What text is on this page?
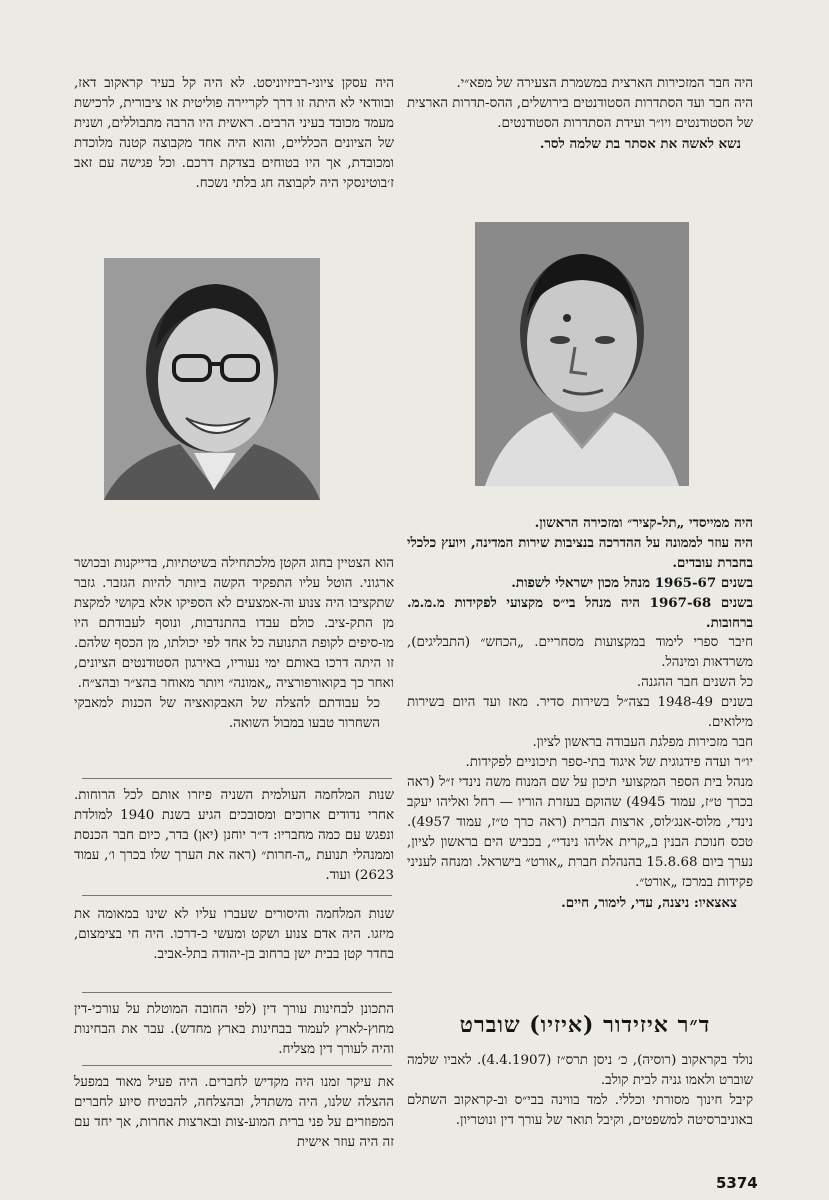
היה חבר המזכירות הארצית במשמרת הצעירה של מפא״י.

היה חבר ועד הסתדרות הסטודנטים בירושלים, ההס-תדרות הארצית של הסטודנטים ויו״ר ועידת הסתדרות הסטודנטים.

נשא לאשה את אסתר בת שלמה לסר.

היה ממייסדי „תל-קציר״ ומזכירה הראשון.

היה עוזר לממונה על ההדרכה בנציבות שירות המדינה, ויועץ כלכלי בחברת עובדים.

בשנים 1965-67 מנהל מכון ישראלי לשפות.

בשנים 1967-68 היה מנהל בי״ס מקצועי לפקידות מ.מ.מ. ברחובות.

חיבר ספרי לימוד במקצועות מסחריים. „הכחש״ (התבליגים), משרדאות ומינהל.

כל השנים חבר ההגנה.

בשנים 1948-49 בצה״ל בשירות סדיר. מאז ועד היום בשירות מילואים.

חבר מזכירות מפלגת העבודה בראשון לציון.

יו״ר ועדה פידגוגית של איגוד בתי-ספר תיכוניים לפקידות.

מנהל בית הספר המקצועי תיכון על שם המנוח משה נינדי ז״ל (ראה בכרך ט״ז, עמוד 4945) שהוקם בעזרת הוריו — רחל ואליהו יעקב נינדי, מלוס-אנג׳לוס, ארצות הברית (ראה כרך ט״ז, עמוד 4957). טכס חנוכת הבנין ב„קרית אליהו נינדי״, בכביש הים בראשון לציון, נערך ביום 15.8.68 בהנהלת חברת „אורט״ בישראל. ומנחה לעניני פקידות במרכז „אורט״.

צאצאיו: ניצנה, עדי, לימור, חיים.

ד״ר איזידור (איזיו) שוברט

נולד בקראקוב (רוסיה), כ׳ ניסן תרס״ז (4.4.1907). לאביו שלמה שוברט ולאמו גניה לבית קולב.

קיבל חינוך מסורתי וכללי. למד בווינה בבי״ס וב-קראקוב השתלם באוניברסיטה למשפטים, וקיבל תואר של עורך דין ונוטריון.

היה עסקן ציוני-רביזיוניסט. לא היה קל בעיר קראקוב דאז, ובוודאי לא היתה זו דרך לקריירה פוליטית או ציבורית, לרכישת מעמד מכובד בעיני הרבים. ראשית היו הרבה מתבוללים, ושנית של הציונים הכלליים, והוא היה אחד מקבוצה קטנה מלוכדת ומכובדת, אך היו בטוחים בצדקת דרכם. וכל פגישה עם זאב ז׳בוטינסקי היה לקבוצה חג בלתי נשכח.

הוא הצטיין בחוג הקטן מלכתחילה בשיטתיות, בדייקנות ובכושר ארגוני. הוטל עליו התפקיד הקשה ביותר להיות הגזבר. גזבר שתקציבו היה צנוע וה-אמצעים לא הספיקו אלא בקושי למקצת מן התק-ציב. כולם עבדו בהתנדבות, ונוסף לעבודתם היו מו-סיפים לקופת התנועה כל אחד לפי יכולתו, מן הכסף שלהם. זו היתה דרכו באותם ימי נעוריו, באירגון הסטודנטים הציונים, ואחר כך בקואורפורציה „אמונה״ ויותר מאוחר בהצ״ר ובהצ״ח.

כל עבודתם להצלה של האבקואציה של הכנות למאבקי השחרור טבעו במבול השואה.

שנות המלחמה העולמית השניה פיזרו אותם לכל הרוחות. אחרי נדודים ארוכים ומסובכים הגיע בשנת 1940 למולדת ונפגש עם כמה מחבריו: ד״ר יוחנן (יאן) בדר, כיום חבר הכנסת וממנהלי תנועת „ה-חרות״ (ראה את הערך שלו בכרך ו׳, עמוד 2623) ועוד.

שנות המלחמה והיסורים שעברו עליו לא שינו במאומה את מיזגו. היה אדם צנוע ושקט ומעשי כ-דרכו. היה חי בצימצום, בחדר קטן בבית ישן ברחוב בן-יהודה בתל-אביב.

התכונן לבחינות עורך דין (לפי החובה המוטלת על עורכי-דין מחוץ-לארץ לעמוד בבחינות בארץ מחדש). עבר את הבחינות והיה לעורך דין מצליח.

את עיקר זמנו היה מקדיש לחברים. היה פעיל מאוד במפעל ההצלה שלנו, היה משתדל, ובהצלחה, להבטיח סיוע לחברים המפוזרים על פני ברית המוע-צות ובארצות אחרות, אך יחד עם זה היה עוזר אישית

5374
